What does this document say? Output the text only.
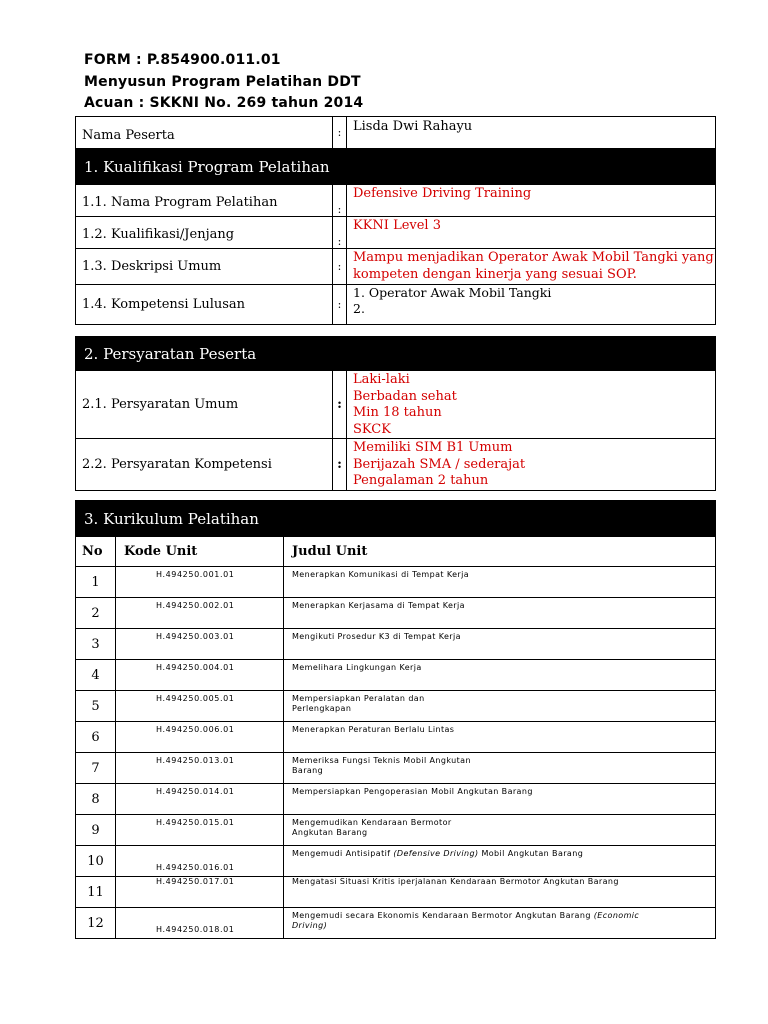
FORM : P.854900.011.01
Menyusun Program Pelatihan DDT
Acuan : SKKNI No. 269 tahun 2014
Nama Peserta	:	Lisda Dwi Rahayu
1. Kualifikasi Program Pelatihan		
1.1. Nama Program Pelatihan	:	Defensive Driving Training

1.2. Kualifikasi/Jenjang	:	KKNI Level 3

1.3. Deskripsi Umum	:	Mampu menjadikan Operator Awak Mobil Tangki yang
kompeten dengan kinerja yang sesuai SOP.

1.4. Kompetensi Lulusan	:	1. Operator Awak Mobil Tangki
2.
2. Persyaratan Peserta		
2.1. Persyaratan Umum	:	Laki-laki
Berbadan sehat
Min 18 tahun
SKCK

2.2. Persyaratan Kompetensi	:	Memiliki SIM B1 Umum
Berijazah SMA / sederajat
Pengalaman 2 tahun
3. Kurikulum Pelatihan		
No	Kode Unit	Judul Unit
1	H.494250.001.01	Menerapkan Komunikasi di Tempat Kerja

2	H.494250.002.01	Menerapkan Kerjasama di Tempat Kerja

3	H.494250.003.01	Mengikuti Prosedur K3 di Tempat Kerja

4	H.494250.004.01	Memelihara Lingkungan Kerja

5	H.494250.005.01	Mempersiapkan Peralatan dan
Perlengkapan

6	H.494250.006.01	Menerapkan Peraturan Berlalu Lintas

7	H.494250.013.01	Memeriksa Fungsi Teknis Mobil Angkutan
Barang

8	H.494250.014.01	Mempersiapkan Pengoperasian Mobil Angkutan Barang

9	H.494250.015.01	Mengemudikan Kendaraan Bermotor
Angkutan Barang

10	H.494250.016.01	Mengemudi Antisipatif (Defensive Driving) Mobil Angkutan Barang
11	H.494250.017.01	Mengatasi Situasi Kritis iperjalanan Kendaraan Bermotor Angkutan Barang

12	H.494250.018.01	Mengemudi secara Ekonomis Kendaraan Bermotor Angkutan Barang (Economic
Driving)
